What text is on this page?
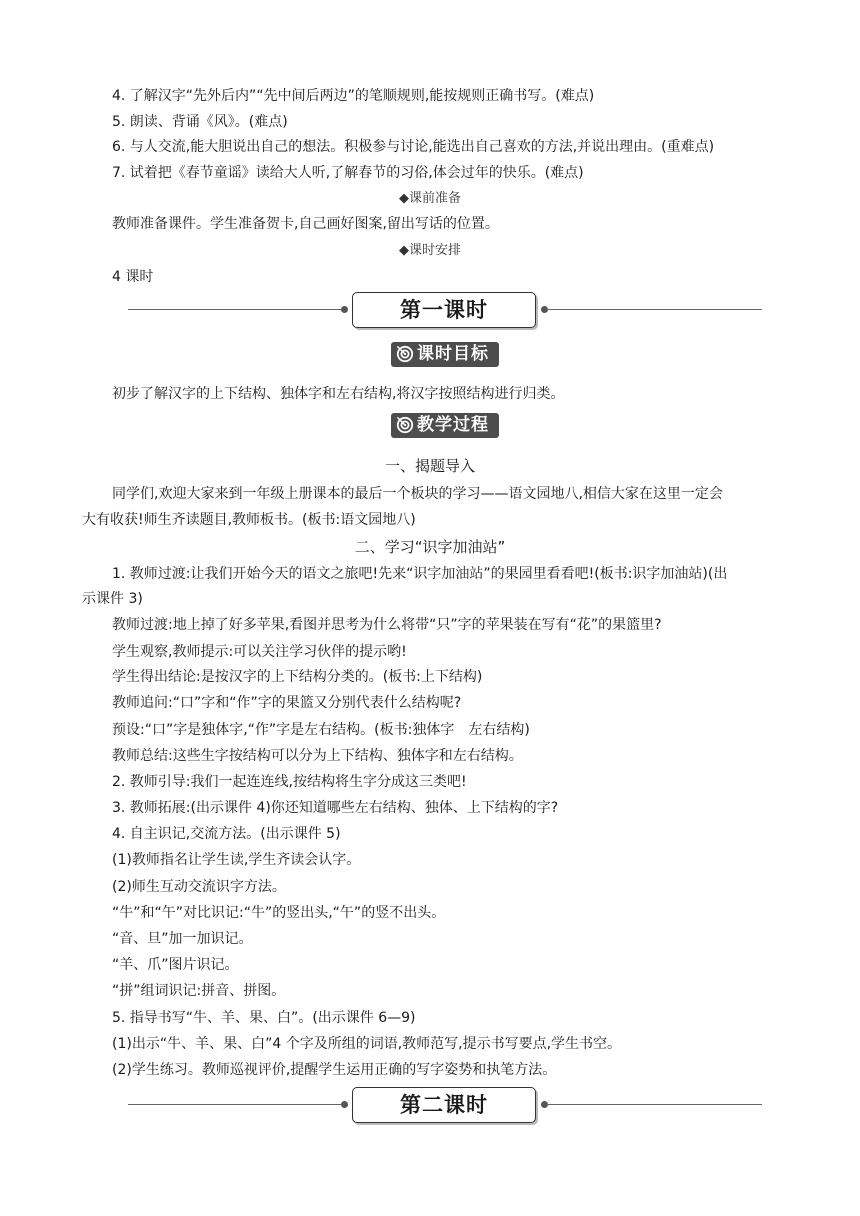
4. 了解汉字“先外后内”“先中间后两边”的笔顺规则,能按规则正确书写。(难点)
5. 朗读、背诵《风》。(难点)
6. 与人交流,能大胆说出自己的想法。积极参与讨论,能选出自己喜欢的方法,并说出理由。(重难点)
7. 试着把《春节童谣》读给大人听,了解春节的习俗,体会过年的快乐。(难点)
◆课前准备
教师准备课件。学生准备贺卡,自己画好图案,留出写话的位置。
◆课时安排
4 课时
第一课时
课时目标
初步了解汉字的上下结构、独体字和左右结构,将汉字按照结构进行归类。
教学过程
一、揭题导入
同学们,欢迎大家来到一年级上册课本的最后一个板块的学习——语文园地八,相信大家在这里一定会
大有收获!师生齐读题目,教师板书。(板书:语文园地八)
二、学习“识字加油站”
1. 教师过渡:让我们开始今天的语文之旅吧!先来“识字加油站”的果园里看看吧!(板书:识字加油站)(出
示课件 3)
教师过渡:地上掉了好多苹果,看图并思考为什么将带“只”字的苹果装在写有“花”的果篮里?
学生观察,教师提示:可以关注学习伙伴的提示哟!
学生得出结论:是按汉字的上下结构分类的。(板书:上下结构)
教师追问:“口”字和“作”字的果篮又分别代表什么结构呢?
预设:“口”字是独体字,“作”字是左右结构。(板书:独体字　左右结构)
教师总结:这些生字按结构可以分为上下结构、独体字和左右结构。
2. 教师引导:我们一起连连线,按结构将生字分成这三类吧!
3. 教师拓展:(出示课件 4)你还知道哪些左右结构、独体、上下结构的字?
4. 自主识记,交流方法。(出示课件 5)
(1)教师指名让学生读,学生齐读会认字。
(2)师生互动交流识字方法。
“牛”和“午”对比识记:“牛”的竖出头,“午”的竖不出头。
“音、旦”加一加识记。
“羊、爪”图片识记。
“拼”组词识记:拼音、拼图。
5. 指导书写“牛、羊、果、白”。(出示课件 6—9)
(1)出示“牛、羊、果、白”4 个字及所组的词语,教师范写,提示书写要点,学生书空。
(2)学生练习。教师巡视评价,提醒学生运用正确的写字姿势和执笔方法。
第二课时
